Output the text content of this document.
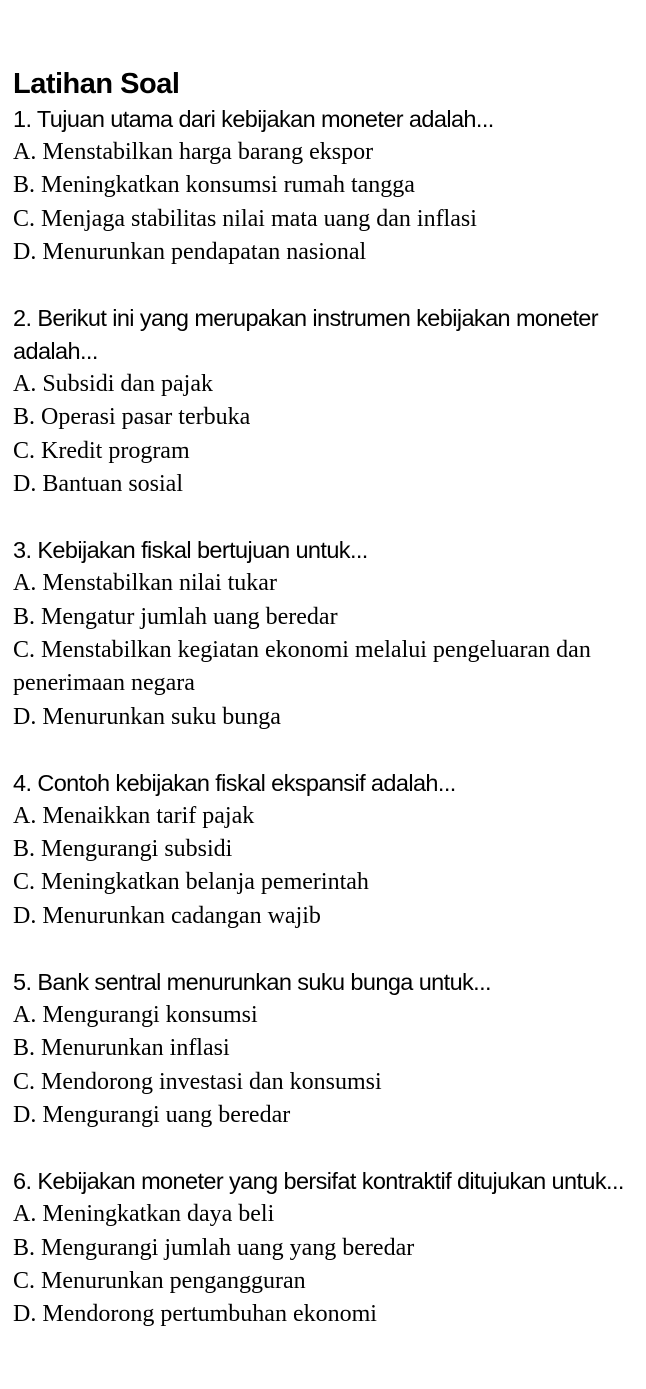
Latihan Soal

1. Tujuan utama dari kebijakan moneter adalah...

A. Menstabilkan harga barang ekspor

B. Meningkatkan konsumsi rumah tangga

C. Menjaga stabilitas nilai mata uang dan inflasi

D. Menurunkan pendapatan nasional

2. Berikut ini yang merupakan instrumen kebijakan moneter adalah...

A. Subsidi dan pajak

B. Operasi pasar terbuka

C. Kredit program

D. Bantuan sosial

3. Kebijakan fiskal bertujuan untuk...

A. Menstabilkan nilai tukar

B. Mengatur jumlah uang beredar

C. Menstabilkan kegiatan ekonomi melalui pengeluaran dan penerimaan negara

D. Menurunkan suku bunga

4. Contoh kebijakan fiskal ekspansif adalah...

A. Menaikkan tarif pajak

B. Mengurangi subsidi

C. Meningkatkan belanja pemerintah

D. Menurunkan cadangan wajib

5. Bank sentral menurunkan suku bunga untuk...

A. Mengurangi konsumsi

B. Menurunkan inflasi

C. Mendorong investasi dan konsumsi

D. Mengurangi uang beredar

6. Kebijakan moneter yang bersifat kontraktif ditujukan untuk...

A. Meningkatkan daya beli

B. Mengurangi jumlah uang yang beredar

C. Menurunkan pengangguran

D. Mendorong pertumbuhan ekonomi
